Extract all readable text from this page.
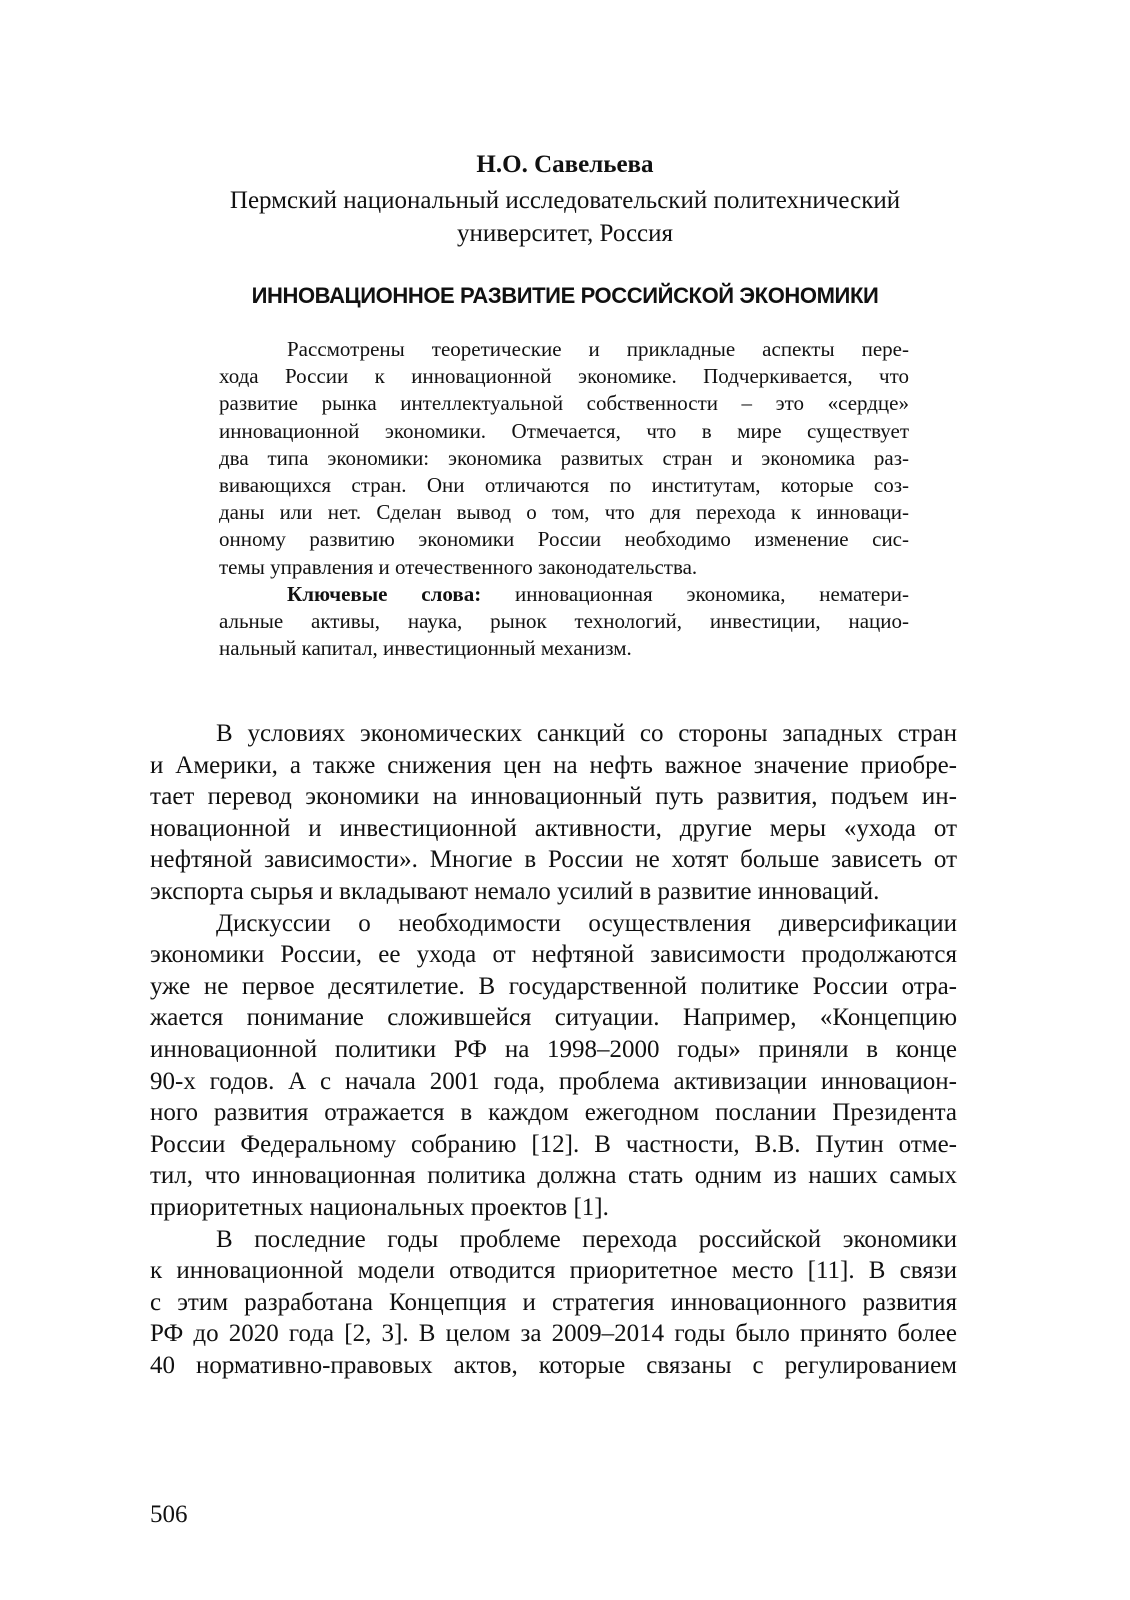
Н.О. Савельева
Пермский национальный исследовательский политехнический
университет, Россия
ИННОВАЦИОННОЕ РАЗВИТИЕ РОССИЙСКОЙ ЭКОНОМИКИ
Рассмотрены теоретические и прикладные аспекты пере-
хода России к инновационной экономике. Подчеркивается, что
развитие рынка интеллектуальной собственности – это «сердце»
инновационной экономики. Отмечается, что в мире существует
два типа экономики: экономика развитых стран и экономика раз-
вивающихся стран. Они отличаются по институтам, которые соз-
даны или нет. Сделан вывод о том, что для перехода к инноваци-
онному развитию экономики России необходимо изменение сис-
темы управления и отечественного законодательства.
Ключевые слова: инновационная экономика, нематери-
альные активы, наука, рынок технологий, инвестиции, нацио-
нальный капитал, инвестиционный механизм.
В условиях экономических санкций со стороны западных стран
и Америки, а также снижения цен на нефть важное значение приобре-
тает перевод экономики на инновационный путь развития, подъем ин-
новационной и инвестиционной активности, другие меры «ухода от
нефтяной зависимости». Многие в России не хотят больше зависеть от
экспорта сырья и вкладывают немало усилий в развитие инноваций.
Дискуссии о необходимости осуществления диверсификации
экономики России, ее ухода от нефтяной зависимости продолжаются
уже не первое десятилетие. В государственной политике России отра-
жается понимание сложившейся ситуации. Например, «Концепцию
инновационной политики РФ на 1998–2000 годы» приняли в конце
90-х годов. А с начала 2001 года, проблема активизации инновацион-
ного развития отражается в каждом ежегодном послании Президента
России Федеральному собранию [12]. В частности, В.В. Путин отме-
тил, что инновационная политика должна стать одним из наших самых
приоритетных национальных проектов [1].
В последние годы проблеме перехода российской экономики
к инновационной модели отводится приоритетное место [11]. В связи
с этим разработана Концепция и стратегия инновационного развития
РФ до 2020 года [2, 3]. В целом за 2009–2014 годы было принято более
40 нормативно-правовых актов, которые связаны с регулированием
506
